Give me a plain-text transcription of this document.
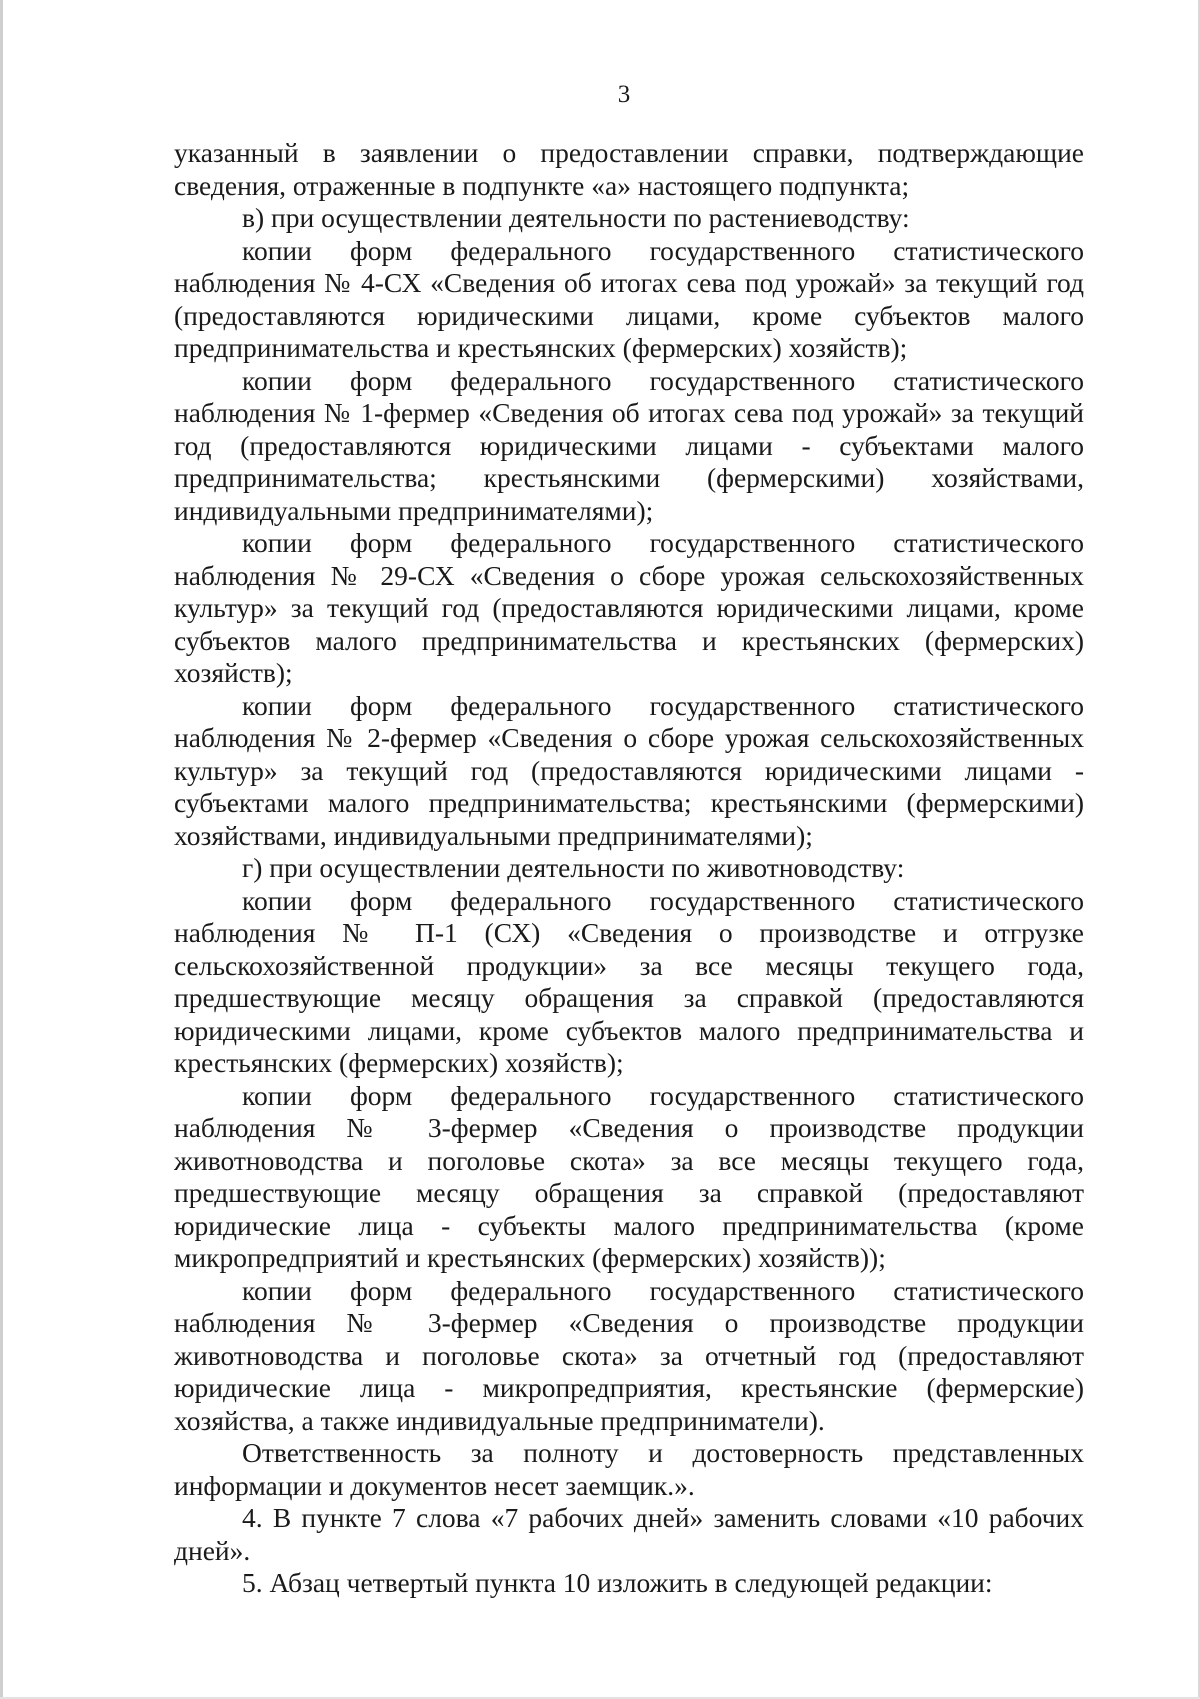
3

указанный в заявлении о предоставлении справки, подтверждающие сведения, отраженные в подпункте «а» настоящего подпункта;

в) при осуществлении деятельности по растениеводству:

копии форм федерального государственного статистического наблюдения № 4-СХ «Сведения об итогах сева под урожай» за текущий год (предоставляются юридическими лицами, кроме субъектов малого предпринимательства и крестьянских (фермерских) хозяйств);

копии форм федерального государственного статистического наблюдения № 1-фермер «Сведения об итогах сева под урожай» за текущий год (предоставляются юридическими лицами - субъектами малого предпринимательства; крестьянскими (фермерскими) хозяйствами, индивидуальными предпринимателями);

копии форм федерального государственного статистического наблюдения № 29-СХ «Сведения о сборе урожая сельскохозяйственных культур» за текущий год (предоставляются юридическими лицами, кроме субъектов малого предпринимательства и крестьянских (фермерских) хозяйств);

копии форм федерального государственного статистического наблюдения № 2-фермер «Сведения о сборе урожая сельскохозяйственных культур» за текущий год (предоставляются юридическими лицами - субъектами малого предпринимательства; крестьянскими (фермерскими) хозяйствами, индивидуальными предпринимателями);

г) при осуществлении деятельности по животноводству:

копии форм федерального государственного статистического наблюдения № П-1 (СХ) «Сведения о производстве и отгрузке сельскохозяйственной продукции» за все месяцы текущего года, предшествующие месяцу обращения за справкой (предоставляются юридическими лицами, кроме субъектов малого предпринимательства и крестьянских (фермерских) хозяйств);

копии форм федерального государственного статистического наблюдения № 3-фермер «Сведения о производстве продукции животноводства и поголовье скота» за все месяцы текущего года, предшествующие месяцу обращения за справкой (предоставляют юридические лица - субъекты малого предпринимательства (кроме микропредприятий и крестьянских (фермерских) хозяйств));

копии форм федерального государственного статистического наблюдения № 3-фермер «Сведения о производстве продукции животноводства и поголовье скота» за отчетный год (предоставляют юридические лица - микропредприятия, крестьянские (фермерские) хозяйства, а также индивидуальные предприниматели).

Ответственность за полноту и достоверность представленных информации и документов несет заемщик.».

4. В пункте 7 слова «7 рабочих дней» заменить словами «10 рабочих дней».

5. Абзац четвертый пункта 10 изложить в следующей редакции:
